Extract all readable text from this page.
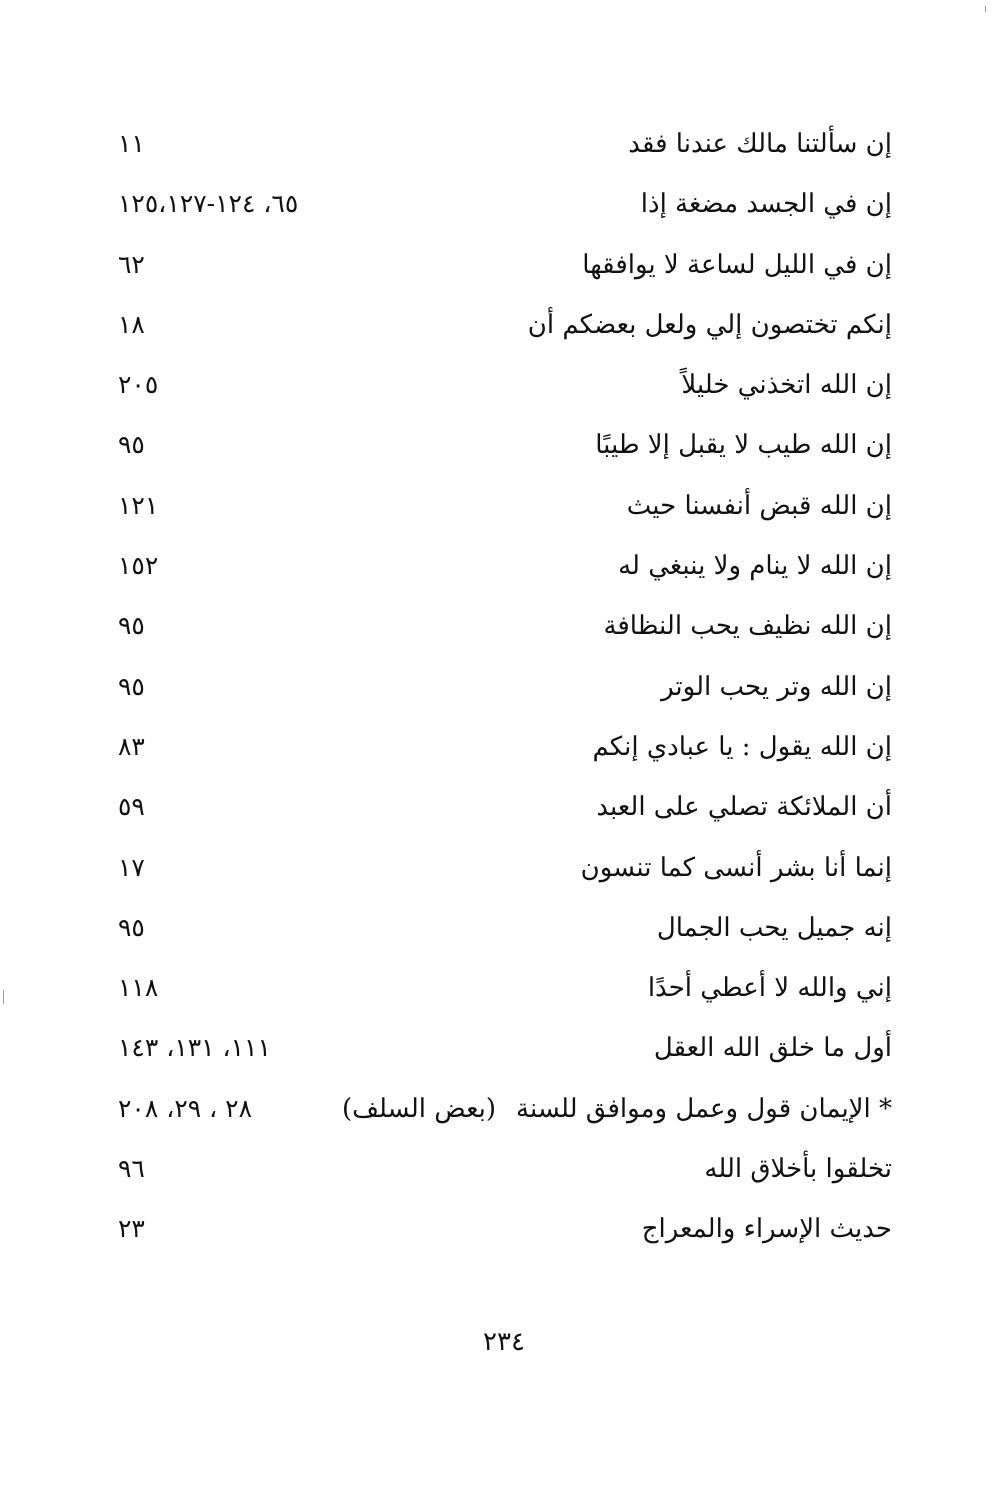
إن سألتنا مالك عندنا فقد
١١
إن في الجسد مضغة إذا
٦٥، ١٢٤-١٢٥،١٢٧
إن في الليل لساعة لا يوافقها
٦٢
إنكم تختصون إلي ولعل بعضكم أن
١٨
إن الله اتخذني خليلاً
٢٠٥
إن الله طيب لا يقبل إلا طيبًا
٩٥
إن الله قبض أنفسنا حيث
١٢١
إن الله لا ينام ولا ينبغي له
١٥٢
إن الله نظيف يحب النظافة
٩٥
إن الله وتر يحب الوتر
٩٥
إن الله يقول : يا عبادي إنكم
٨٣
أن الملائكة تصلي على العبد
٥٩
إنما أنا بشر أنسى كما تنسون
١٧
إنه جميل يحب الجمال
٩٥
إني والله لا أعطي أحدًا
١١٨
أول ما خلق الله العقل
١١١، ١٣١، ١٤٣
* الإيمان قول وعمل وموافق للسنة(بعض السلف)
٢٨ ، ٢٩، ٢٠٨
تخلقوا بأخلاق الله
٩٦
حديث الإسراء والمعراج
٢٣
٢٣٤
